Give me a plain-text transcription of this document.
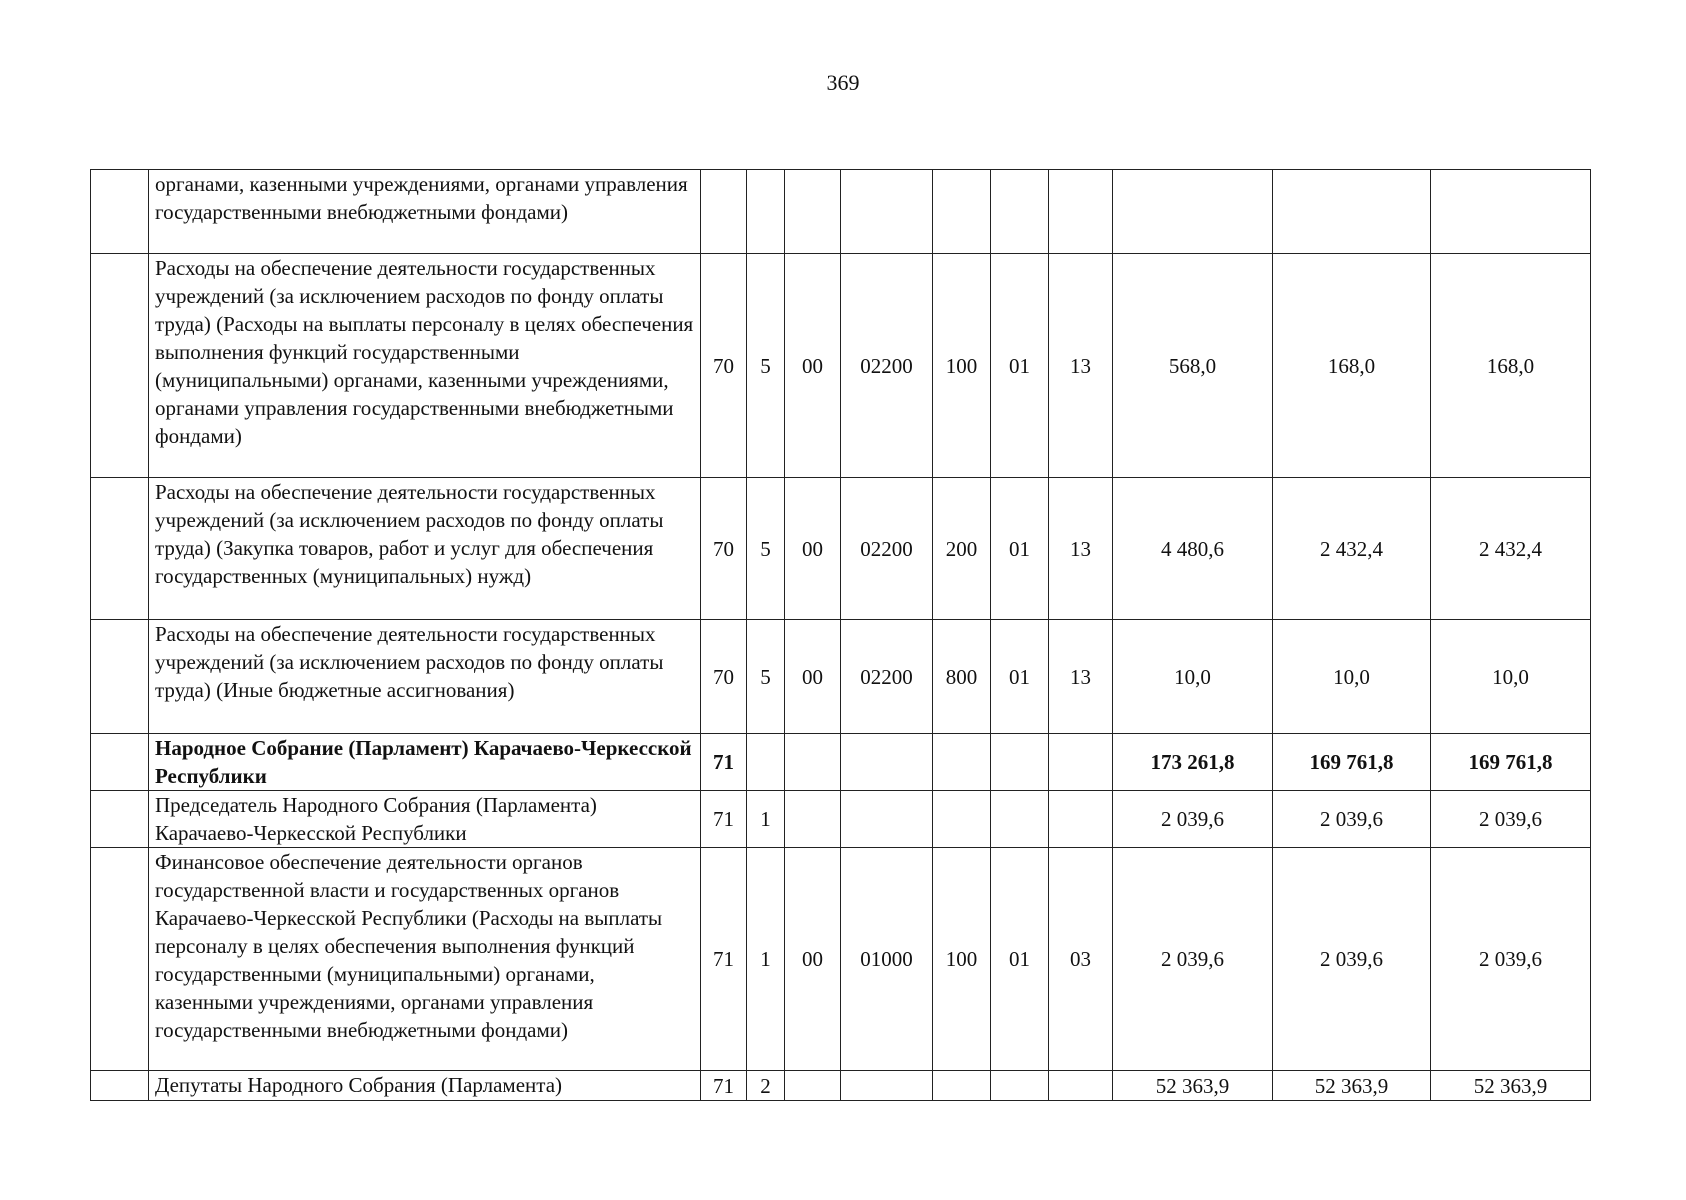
369
	органами, казенными учреждениями, органами управления государственными внебюджетными фондами)										
	Расходы на обеспечение деятельности государственных учреждений (за исключением расходов по фонду оплаты труда) (Расходы на выплаты персоналу в целях обеспечения выполнения функций государственными (муниципальными) органами, казенными учреждениями, органами управления государственными внебюджетными фондами)	70	5	00	02200	100	01	13	568,0	168,0	168,0
	Расходы на обеспечение деятельности государственных учреждений (за исключением расходов по фонду оплаты труда) (Закупка товаров, работ и услуг для обеспечения государственных (муниципальных) нужд)	70	5	00	02200	200	01	13	4 480,6	2 432,4	2 432,4
	Расходы на обеспечение деятельности государственных учреждений (за исключением расходов по фонду оплаты труда) (Иные бюджетные ассигнования)	70	5	00	02200	800	01	13	10,0	10,0	10,0
	Народное Собрание (Парламент) Карачаево-Черкесской Республики	71							173 261,8	169 761,8	169 761,8
	Председатель Народного Собрания (Парламента) Карачаево-Черкесской Республики	71	1						2 039,6	2 039,6	2 039,6
	Финансовое обеспечение деятельности органов государственной власти и государственных органов Карачаево-Черкесской Республики (Расходы на выплаты персоналу в целях обеспечения выполнения функций государственными (муниципальными) органами, казенными учреждениями, органами управления государственными внебюджетными фондами)	71	1	00	01000	100	01	03	2 039,6	2 039,6	2 039,6
	Депутаты Народного Собрания (Парламента)	71	2						52 363,9	52 363,9	52 363,9
